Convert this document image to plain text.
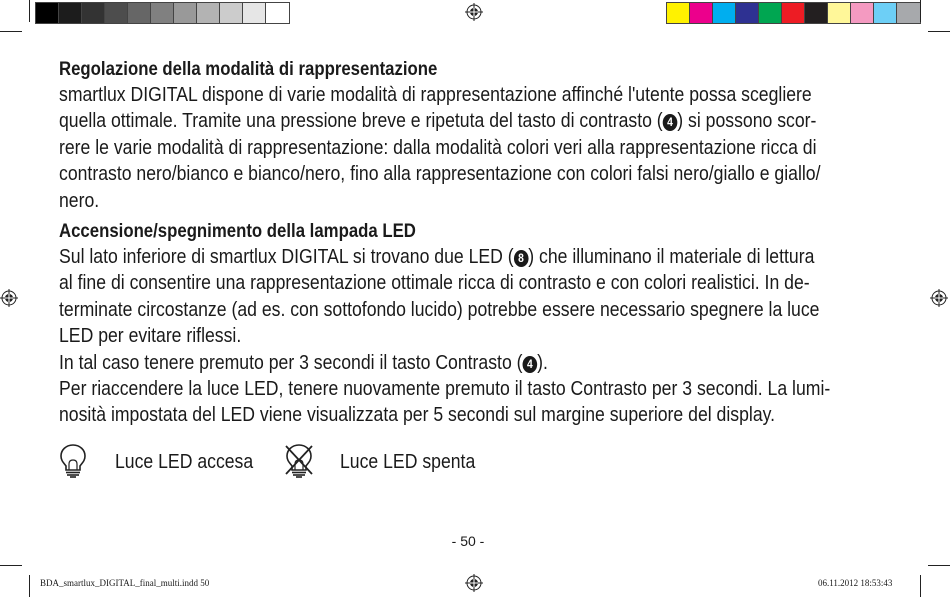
Regolazione della modalità di rappresentazione
smartlux DIGITAL dispone di varie modalità di rappresentazione affinché l'utente possa scegliere
quella ottimale. Tramite una pressione breve e ripetuta del tasto di contrasto ( 4 ) si possono scor-
rere le varie modalità di rappresentazione: dalla modalità colori veri alla rappresentazione ricca di
contrasto nero/bianco e bianco/nero, fino alla rappresentazione con colori falsi nero/giallo e giallo/
nero.
Accensione/spegnimento della lampada LED
Sul lato inferiore di smartlux DIGITAL si trovano due LED ( 8 ) che illuminano il materiale di lettura
al fine di consentire una rappresentazione ottimale ricca di contrasto e con colori realistici. In de-
terminate circostanze (ad es. con sottofondo lucido) potrebbe essere necessario spegnere la luce
LED per evitare riflessi.
In tal caso tenere premuto per 3 secondi il tasto Contrasto ( 4 ).
Per riaccendere la luce LED, tenere nuovamente premuto il tasto Contrasto per 3 secondi. La lumi-
nosità impostata del LED viene visualizzata per 5 secondi sul margine superiore del display.
Luce LED accesa	Luce LED spenta
- 50 -
BDA_smartlux_DIGITAL_final_multi.indd 50	06.11.2012 18:53:43
